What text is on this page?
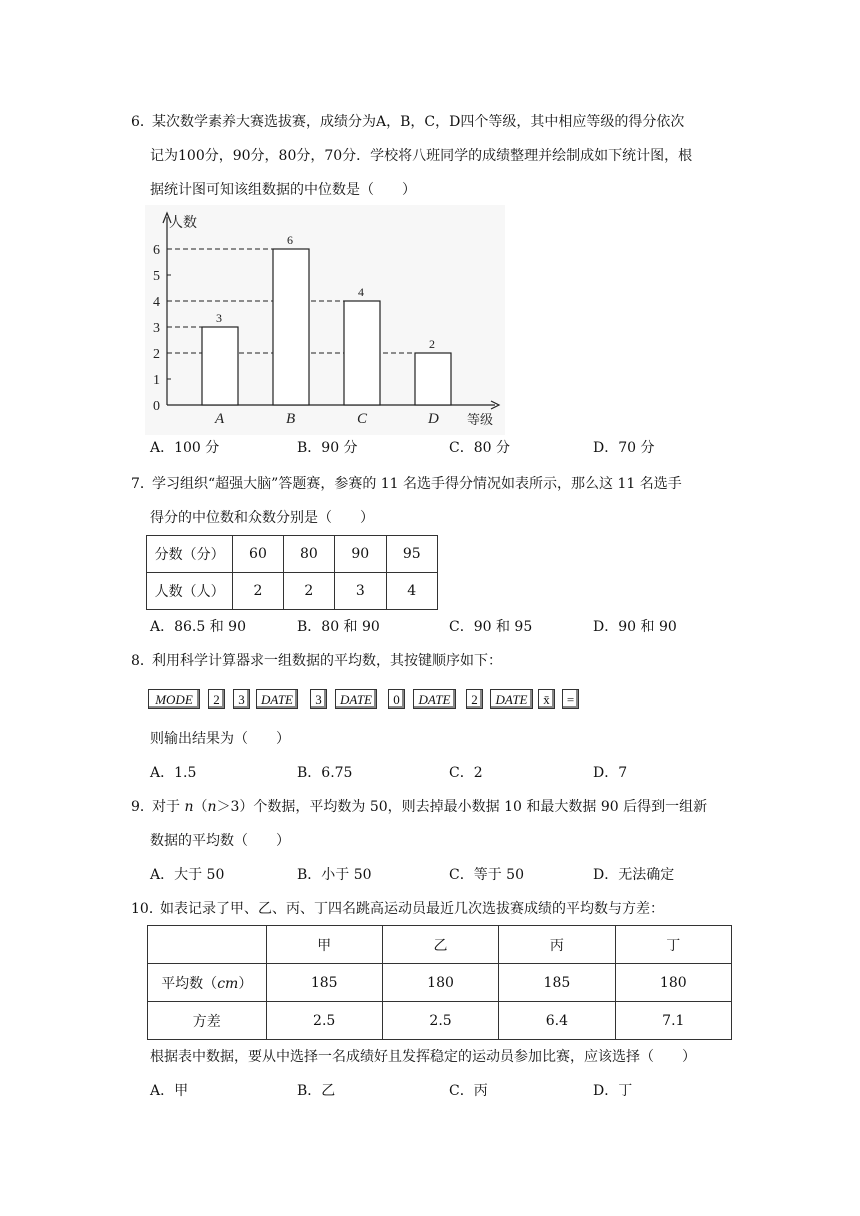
6．
某次数学素养大赛选拔赛，成绩分为A，B，C，D四个等级，其中相应等级的得分依次
记为100分，90分，80分，70分．学校将八班同学的成绩整理并绘制成如下统计图，根
据统计图可知该组数据的中位数是（　　）
0
1
2
3
4
5
6
人数
等级
3
A
6
B
4
C
2
D
A．100 分	B．90 分	C．80 分	D．70 分
7．
学习组织“超强大脑”答题赛，参赛的 11 名选手得分情况如表所示，那么这 11 名选手
得分的中位数和众数分别是（　　）
分数（分）	60	80	90	95
人数（人）	2	2	3	4
A．86.5 和 90	B．80 和 90	C．90 和 95	D．90 和 90
8．
利用科学计算器求一组数据的平均数，其按键顺序如下：
MODE	2	3	DATE	3	DATE	0	DATE	2	DATE	x̄	=
则输出结果为（　　）
A．1.5	B．6.75	C．2	D．7
9．
对于 n（n＞3）个数据，平均数为 50，则去掉最小数据 10 和最大数据 90 后得到一组新
数据的平均数（　　）
A．大于 50	B．小于 50	C．等于 50	D．无法确定
10．
如表记录了甲、乙、丙、丁四名跳高运动员最近几次选拔赛成绩的平均数与方差：
	甲	乙	丙	丁
平均数（cm）	185	180	185	180
方差	2.5	2.5	6.4	7.1
根据表中数据，要从中选择一名成绩好且发挥稳定的运动员参加比赛，应该选择（　　）
A．甲	B．乙	C．丙	D．丁
